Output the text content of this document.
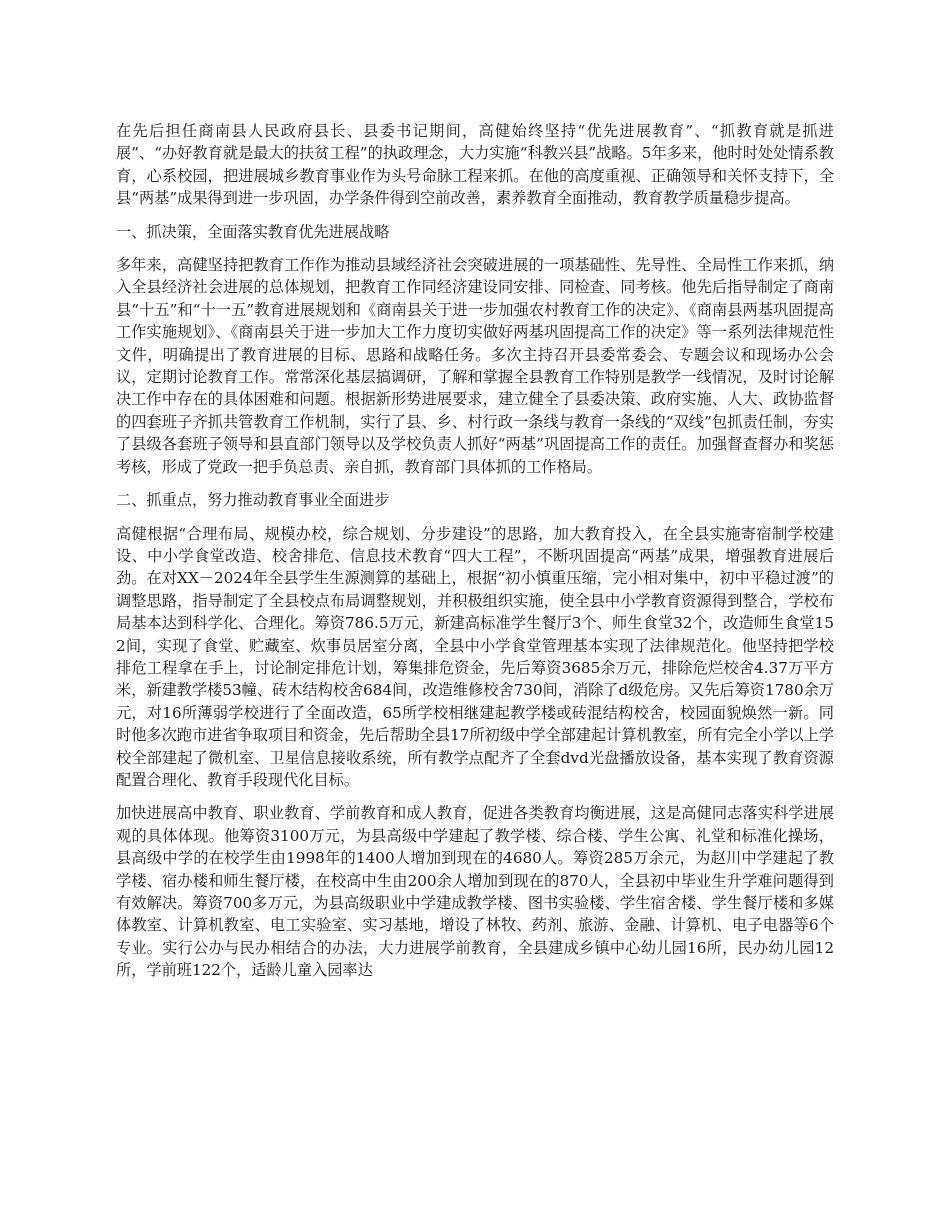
在先后担任商南县人民政府县长、县委书记期间，高健始终坚持“优先进展教育”、“抓教育就是抓进展”、“办好教育就是最大的扶贫工程”的执政理念，大力实施“科教兴县”战略。5年多来，他时时处处情系教育，心系校园，把进展城乡教育事业作为头号命脉工程来抓。在他的高度重视、正确领导和关怀支持下，全县“两基”成果得到进一步巩固，办学条件得到空前改善，素养教育全面推动，教育教学质量稳步提高。

一、抓决策，全面落实教育优先进展战略

多年来，高健坚持把教育工作作为推动县域经济社会突破进展的一项基础性、先导性、全局性工作来抓，纳入全县经济社会进展的总体规划，把教育工作同经济建设同安排、同检查、同考核。他先后指导制定了商南县“十五”和“十一五”教育进展规划和《商南县关于进一步加强农村教育工作的决定》、《商南县两基巩固提高工作实施规划》、《商南县关于进一步加大工作力度切实做好两基巩固提高工作的决定》等一系列法律规范性文件，明确提出了教育进展的目标、思路和战略任务。多次主持召开县委常委会、专题会议和现场办公会议，定期讨论教育工作。常常深化基层搞调研，了解和掌握全县教育工作特别是教学一线情况，及时讨论解决工作中存在的具体困难和问题。根据新形势进展要求，建立健全了县委决策、政府实施、人大、政协监督的四套班子齐抓共管教育工作机制，实行了县、乡、村行政一条线与教育一条线的“双线”包抓责任制，夯实了县级各套班子领导和县直部门领导以及学校负责人抓好“两基”巩固提高工作的责任。加强督查督办和奖惩考核，形成了党政一把手负总责、亲自抓，教育部门具体抓的工作格局。

二、抓重点，努力推动教育事业全面进步

高健根据“合理布局、规模办校，综合规划、分步建设”的思路，加大教育投入，在全县实施寄宿制学校建设、中小学食堂改造、校舍排危、信息技术教育“四大工程”，不断巩固提高“两基”成果，增强教育进展后劲。在对XX－2024年全县学生生源测算的基础上，根据“初小慎重压缩，完小相对集中，初中平稳过渡”的调整思路，指导制定了全县校点布局调整规划，并积极组织实施，使全县中小学教育资源得到整合，学校布局基本达到科学化、合理化。筹资786.5万元，新建高标准学生餐厅3个、师生食堂32个，改造师生食堂152间，实现了食堂、贮藏室、炊事员居室分离，全县中小学食堂管理基本实现了法律规范化。他坚持把学校排危工程拿在手上，讨论制定排危计划，筹集排危资金，先后筹资3685余万元，排除危烂校舍4.37万平方米，新建教学楼53幢、砖木结构校舍684间，改造维修校舍730间，消除了d级危房。又先后筹资1780余万元，对16所薄弱学校进行了全面改造，65所学校相继建起教学楼或砖混结构校舍，校园面貌焕然一新。同时他多次跑市进省争取项目和资金，先后帮助全县17所初级中学全部建起计算机教室，所有完全小学以上学校全部建起了微机室、卫星信息接收系统，所有教学点配齐了全套dvd光盘播放设备，基本实现了教育资源配置合理化、教育手段现代化目标。

加快进展高中教育、职业教育、学前教育和成人教育，促进各类教育均衡进展，这是高健同志落实科学进展观的具体体现。他筹资3100万元，为县高级中学建起了教学楼、综合楼、学生公寓、礼堂和标准化操场，县高级中学的在校学生由1998年的1400人增加到现在的4680人。筹资285万余元，为赵川中学建起了教学楼、宿办楼和师生餐厅楼，在校高中生由200余人增加到现在的870人，全县初中毕业生升学难问题得到有效解决。筹资700多万元，为县高级职业中学建成教学楼、图书实验楼、学生宿舍楼、学生餐厅楼和多媒体教室、计算机教室、电工实验室、实习基地，增设了林牧、药剂、旅游、金融、计算机、电子电器等6个专业。实行公办与民办相结合的办法，大力进展学前教育，全县建成乡镇中心幼儿园16所，民办幼儿园12所，学前班122个，适龄儿童入园率达
